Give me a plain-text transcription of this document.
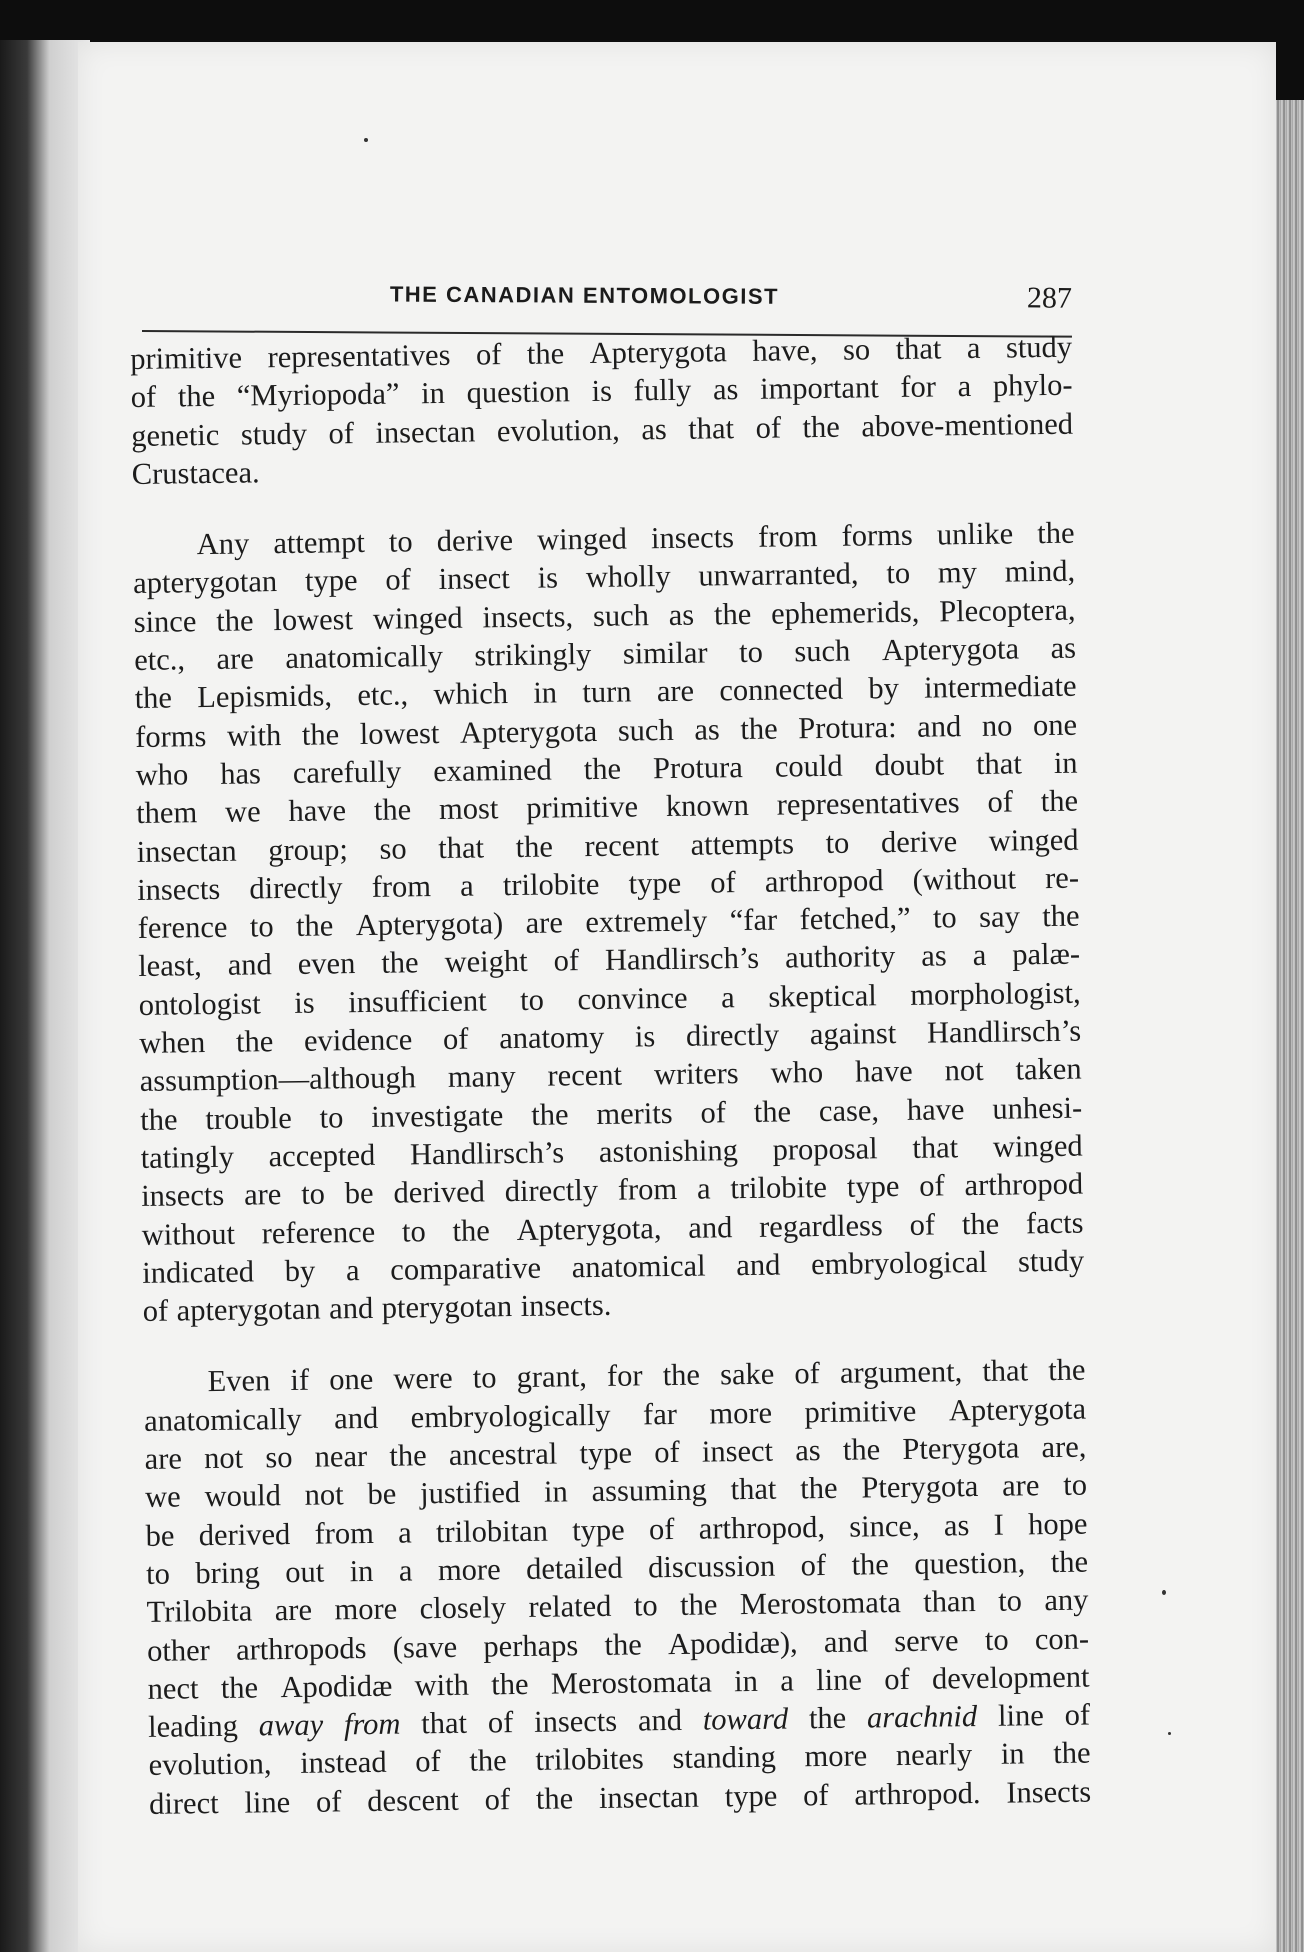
THE CANADIAN ENTOMOLOGIST	287
primitive representatives of the Apterygota have, so that a study
of the “Myriopoda” in question is fully as important for a phylo-
genetic study of insectan evolution, as that of the above-mentioned
Crustacea.
Any attempt to derive winged insects from forms unlike the
apterygotan type of insect is wholly unwarranted, to my mind,
since the lowest winged insects, such as the ephemerids, Plecoptera,
etc., are anatomically strikingly similar to such Apterygota as
the Lepismids, etc., which in turn are connected by intermediate
forms with the lowest Apterygota such as the Protura: and no one
who has carefully examined the Protura could doubt that in
them we have the most primitive known representatives of the
insectan group; so that the recent attempts to derive winged
insects directly from a trilobite type of arthropod (without re-
ference to the Apterygota) are extremely “far fetched,” to say the
least, and even the weight of Handlirsch’s authority as a palæ-
ontologist is insufficient to convince a skeptical morphologist,
when the evidence of anatomy is directly against Handlirsch’s
assumption—although many recent writers who have not taken
the trouble to investigate the merits of the case, have unhesi-
tatingly accepted Handlirsch’s astonishing proposal that winged
insects are to be derived directly from a trilobite type of arthropod
without reference to the Apterygota, and regardless of the facts
indicated by a comparative anatomical and embryological study
of apterygotan and pterygotan insects.
Even if one were to grant, for the sake of argument, that the
anatomically and embryologically far more primitive Apterygota
are not so near the ancestral type of insect as the Pterygota are,
we would not be justified in assuming that the Pterygota are to
be derived from a trilobitan type of arthropod, since, as I hope
to bring out in a more detailed discussion of the question, the
Trilobita are more closely related to the Merostomata than to any
other arthropods (save perhaps the Apodidæ), and serve to con-
nect the Apodidæ with the Merostomata in a line of development
leading away from that of insects and toward the arachnid line of
evolution, instead of the trilobites standing more nearly in the
direct line of descent of the insectan type of arthropod. Insects
